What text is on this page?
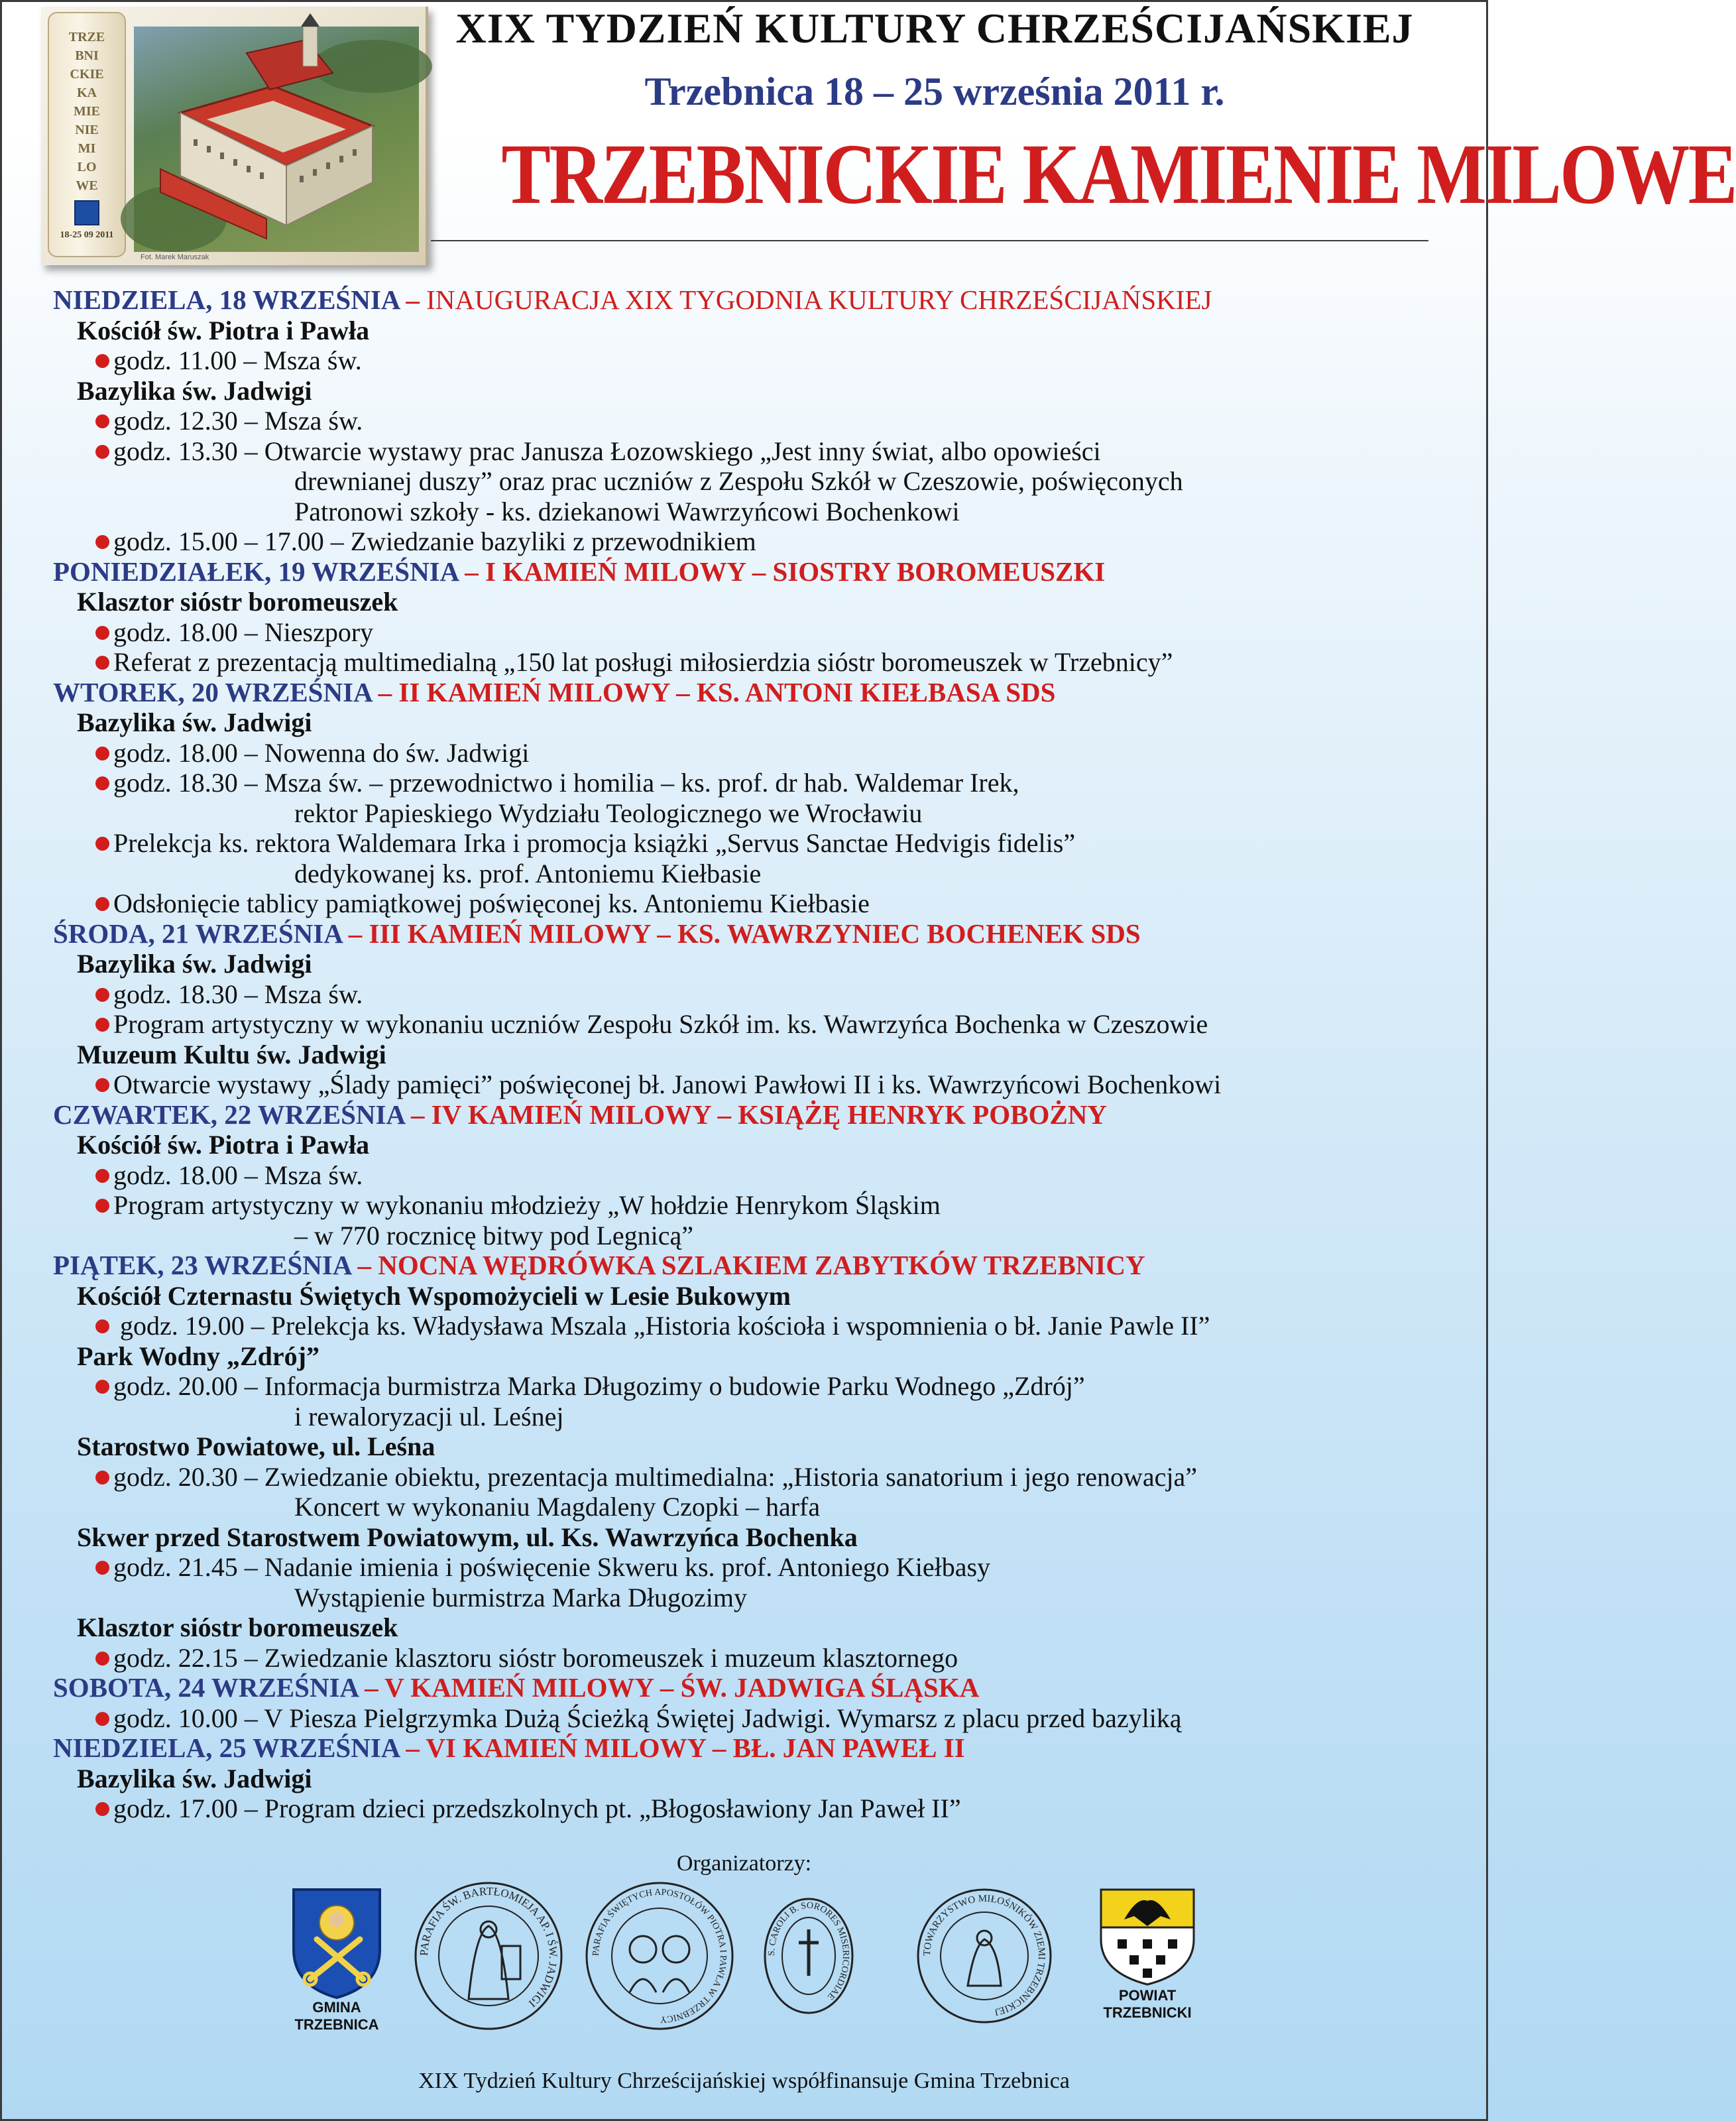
TRZE
BNI
CKIE
KA
MIE
NIE
MI
LO
WE
18-25 09 2011
Fot. Marek Maruszak
XIX TYDZIEŃ KULTURY CHRZEŚCIJAŃSKIEJ
Trzebnica 18 – 25 września 2011 r.
TRZEBNICKIE KAMIENIE MILOWE
NIEDZIELA, 18 WRZEŚNIA – INAUGURACJA XIX TYGODNIA KULTURY CHRZEŚCIJAŃSKIEJ
Kościół św. Piotra i Pawła
godz. 11.00 – Msza św.
Bazylika św. Jadwigi
godz. 12.30 – Msza św.
godz. 13.30 – Otwarcie wystawy prac Janusza Łozowskiego „Jest inny świat, albo opowieści
drewnianej duszy” oraz prac uczniów z Zespołu Szkół w Czeszowie, poświęconych
Patronowi szkoły - ks. dziekanowi Wawrzyńcowi Bochenkowi
godz. 15.00 – 17.00 – Zwiedzanie bazyliki z przewodnikiem
PONIEDZIAŁEK, 19 WRZEŚNIA – I KAMIEŃ MILOWY – SIOSTRY BOROMEUSZKI
Klasztor sióstr boromeuszek
godz. 18.00 – Nieszpory
Referat z prezentacją multimedialną „150 lat posługi miłosierdzia sióstr boromeuszek w Trzebnicy”
WTOREK, 20 WRZEŚNIA – II KAMIEŃ MILOWY – KS. ANTONI KIEŁBASA SDS
Bazylika św. Jadwigi
godz. 18.00 – Nowenna do św. Jadwigi
godz. 18.30 – Msza św. – przewodnictwo i homilia – ks. prof. dr hab. Waldemar Irek,
rektor Papieskiego Wydziału Teologicznego we Wrocławiu
Prelekcja ks. rektora Waldemara Irka i promocja książki „Servus Sanctae Hedvigis fidelis”
dedykowanej ks. prof. Antoniemu Kiełbasie
Odsłonięcie tablicy pamiątkowej poświęconej ks. Antoniemu Kiełbasie
ŚRODA, 21 WRZEŚNIA – III KAMIEŃ MILOWY – KS. WAWRZYNIEC BOCHENEK SDS
Bazylika św. Jadwigi
godz. 18.30 – Msza św.
Program artystyczny w wykonaniu uczniów Zespołu Szkół im. ks. Wawrzyńca Bochenka w Czeszowie
Muzeum Kultu św. Jadwigi
Otwarcie wystawy „Ślady pamięci” poświęconej bł. Janowi Pawłowi II i ks. Wawrzyńcowi Bochenkowi
CZWARTEK, 22 WRZEŚNIA – IV KAMIEŃ MILOWY – KSIĄŻĘ HENRYK POBOŻNY
Kościół św. Piotra i Pawła
godz. 18.00 – Msza św.
Program artystyczny w wykonaniu młodzieży „W hołdzie Henrykom Śląskim
– w 770 rocznicę bitwy pod Legnicą”
PIĄTEK, 23 WRZEŚNIA – NOCNA WĘDRÓWKA SZLAKIEM ZABYTKÓW TRZEBNICY
Kościół Czternastu Świętych Wspomożycieli w Lesie Bukowym
godz. 19.00 – Prelekcja ks. Władysława Mszala „Historia kościoła i wspomnienia o bł. Janie Pawle II”
Park Wodny „Zdrój”
godz. 20.00 – Informacja burmistrza Marka Długozimy o budowie Parku Wodnego „Zdrój”
i rewaloryzacji ul. Leśnej
Starostwo Powiatowe, ul. Leśna
godz. 20.30 – Zwiedzanie obiektu, prezentacja multimedialna: „Historia sanatorium i jego renowacja”
Koncert w wykonaniu Magdaleny Czopki – harfa
Skwer przed Starostwem Powiatowym, ul. Ks. Wawrzyńca Bochenka
godz. 21.45 – Nadanie imienia i poświęcenie Skweru ks. prof. Antoniego Kiełbasy
Wystąpienie burmistrza Marka Długozimy
Klasztor sióstr boromeuszek
godz. 22.15 – Zwiedzanie klasztoru sióstr boromeuszek i muzeum klasztornego
SOBOTA, 24 WRZEŚNIA – V KAMIEŃ MILOWY – ŚW. JADWIGA ŚLĄSKA
godz. 10.00 – V Piesza Pielgrzymka Dużą Ścieżką Świętej Jadwigi. Wymarsz z placu przed bazyliką
NIEDZIELA, 25 WRZEŚNIA – VI KAMIEŃ MILOWY – BŁ. JAN PAWEŁ II
Bazylika św. Jadwigi
godz. 17.00 – Program dzieci przedszkolnych pt. „Błogosławiony Jan Paweł II”
Organizatorzy:
GMINA
TRZEBNICA
PARAFIA ŚW. BARTŁOMIEJA AP. I ŚW. JADWIGI
PARAFIA ŚWIĘTYCH APOSTOŁÓW PIOTRA I PAWŁA W TRZEBNICY
S. CAROLI B. SORORES MISERICORDIAE
TOWARZYSTWO MIŁOŚNIKÓW ZIEMI TRZEBNICKIEJ
POWIAT
TRZEBNICKI
XIX Tydzień Kultury Chrześcijańskiej współfinansuje Gmina Trzebnica
